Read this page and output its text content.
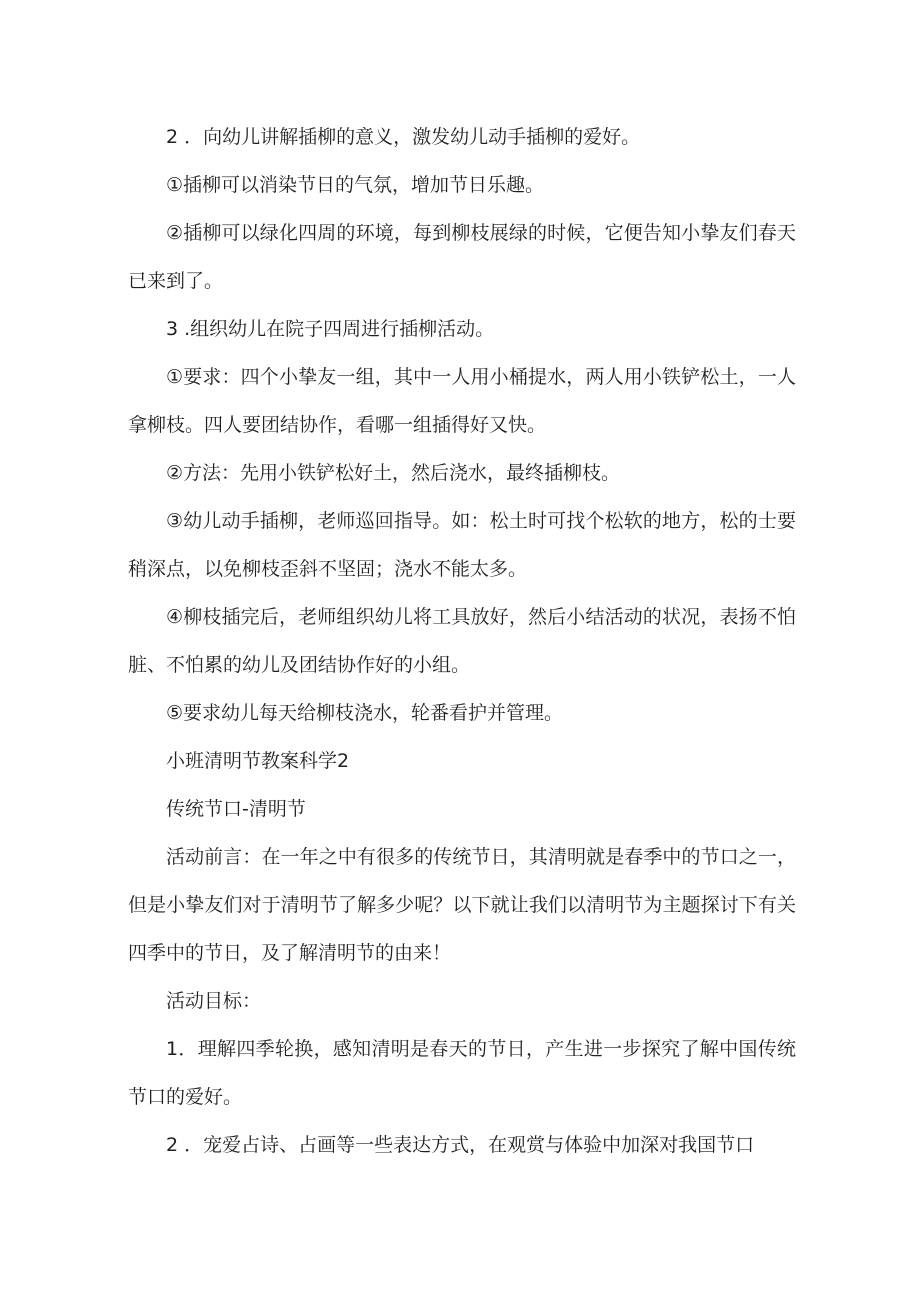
2 ．向幼儿讲解插柳的意义，激发幼儿动手插柳的爱好。

①插柳可以消染节日的气氛，增加节日乐趣。

②插柳可以绿化四周的环境，每到柳枝展绿的时候，它便告知小挚友们春天已来到了。

3 .组织幼儿在院子四周进行插柳活动。

①要求：四个小挚友一组，其中一人用小桶提水，两人用小铁铲松土，一人拿柳枝。四人要团结协作，看哪一组插得好又快。

②方法：先用小铁铲松好土，然后浇水，最终插柳枝。

③幼儿动手插柳，老师巡回指导。如：松土时可找个松软的地方，松的士要稍深点，以免柳枝歪斜不坚固；浇水不能太多。

④柳枝插完后，老师组织幼儿将工具放好，然后小结活动的状况，表扬不怕脏、不怕累的幼儿及团结协作好的小组。

⑤要求幼儿每天给柳枝浇水，轮番看护并管理。

小班清明节教案科学2

传统节口-清明节

活动前言：在一年之中有很多的传统节日，其清明就是春季中的节口之一，但是小挚友们对于清明节了解多少呢？以下就让我们以清明节为主题探讨下有关四季中的节日，及了解清明节的由来！

活动目标：

1．理解四季轮换，感知清明是春天的节日，产生进一步探究了解中国传统节口的爱好。

2 ．宠爱占诗、占画等一些表达方式，在观赏与体验中加深对我国节口
